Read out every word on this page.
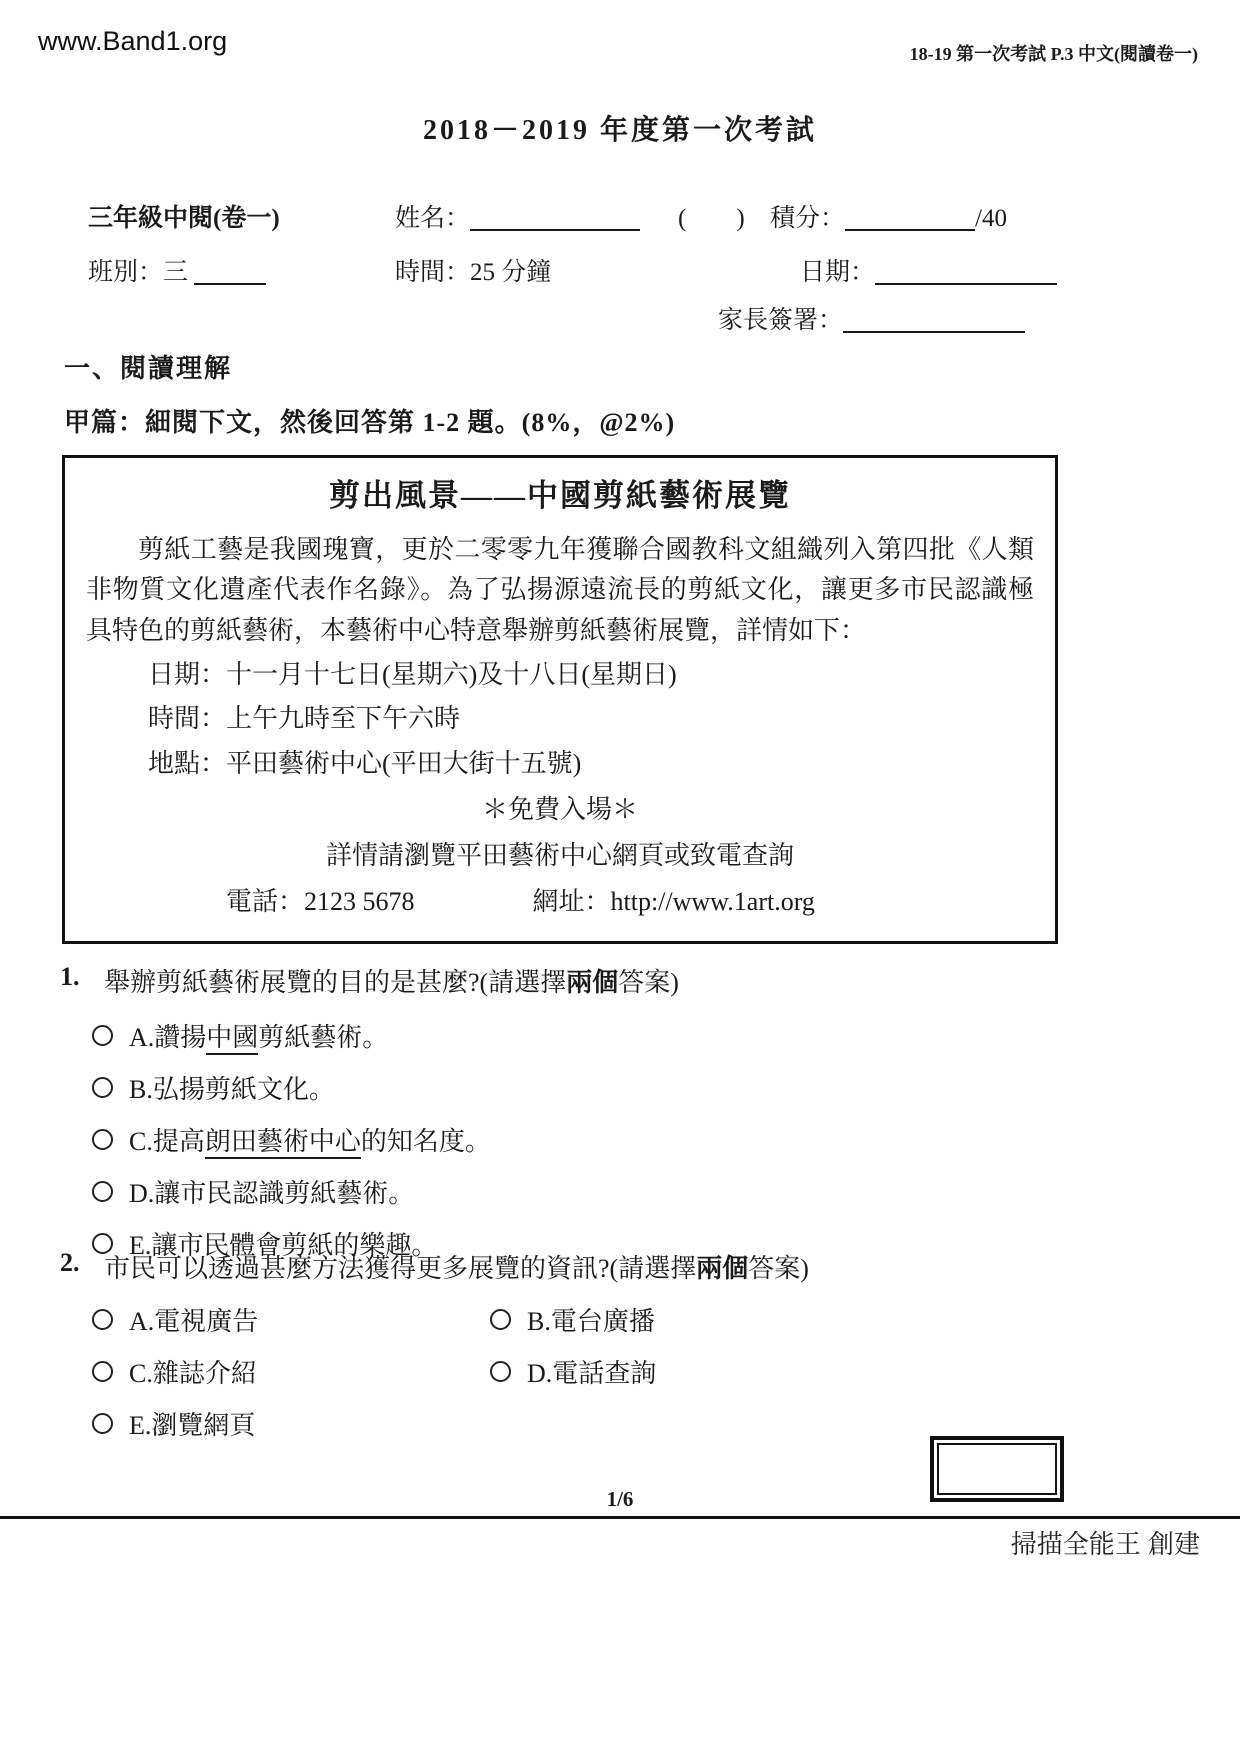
www.Band1.org	18-19 第一次考試 P.3 中文(閱讀卷一)
2018－2019 年度第一次考試
三年級中閱(卷一)	姓名：	(　　) 積分：	/40
班別：三	時間：25 分鐘	日期：
家長簽署：
一、閱讀理解
甲篇：細閱下文，然後回答第 1-2 題。(8%，@2%)
剪出風景——中國剪紙藝術展覽
剪紙工藝是我國瑰寶，更於二零零九年獲聯合國教科文組織列入第四批《人類非物質文化遺產代表作名錄》。為了弘揚源遠流長的剪紙文化，讓更多市民認識極具特色的剪紙藝術，本藝術中心特意舉辦剪紙藝術展覽，詳情如下：
日期：十一月十七日(星期六)及十八日(星期日)
時間：上午九時至下午六時
地點：平田藝術中心(平田大街十五號)
＊免費入場＊
詳情請瀏覽平田藝術中心網頁或致電查詢
電話：2123 5678	網址：http://www.1art.org
1. 舉辦剪紙藝術展覽的目的是甚麼?(請選擇兩個答案)
A.讚揚中國剪紙藝術。
B.弘揚剪紙文化。
C.提高朗田藝術中心的知名度。
D.讓市民認識剪紙藝術。
E.讓市民體會剪紙的樂趣。
2. 市民可以透過甚麼方法獲得更多展覽的資訊?(請選擇兩個答案)
A.電視廣告	B.電台廣播
C.雜誌介紹	D.電話查詢
E.瀏覽網頁
1/6
掃描全能王 創建
